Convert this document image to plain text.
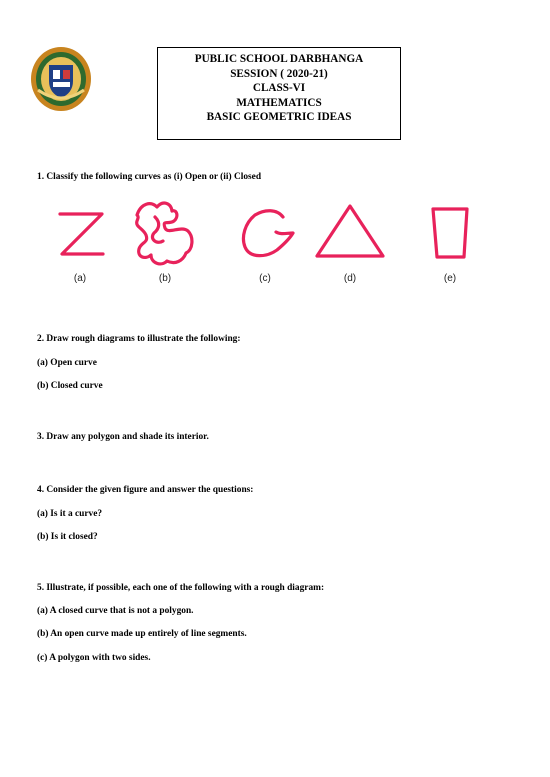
PUBLIC SCHOOL DARBHANGA
SESSION ( 2020-21)
CLASS-VI
MATHEMATICS
BASIC GEOMETRIC IDEAS
1. Classify the following curves as (i) Open or (ii) Closed
(a)	(b)	(c)	(d)	(e)
2. Draw rough diagrams to illustrate the following:
(a) Open curve
(b) Closed curve
3. Draw any polygon and shade its interior.
4. Consider the given figure and answer the questions:
(a) Is it a curve?
(b) Is it closed?
5. Illustrate, if possible, each one of the following with a rough diagram:
(a) A closed curve that is not a polygon.
(b) An open curve made up entirely of line segments.
(c) A polygon with two sides.
